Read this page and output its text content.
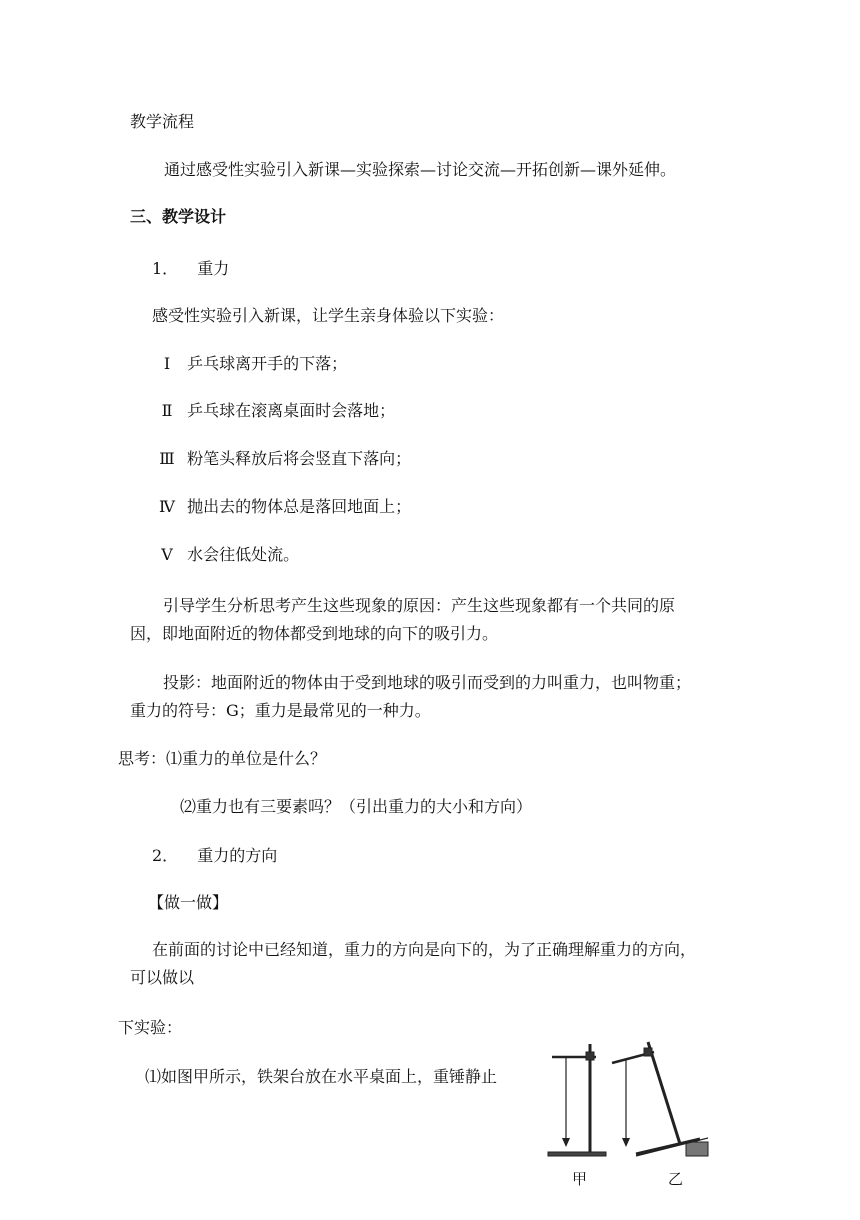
教学流程
通过感受性实验引入新课—实验探索—讨论交流—开拓创新—课外延伸。
三、教学设计
1． 重力
感受性实验引入新课，让学生亲身体验以下实验：
Ⅰ 乒乓球离开手的下落；
Ⅱ 乒乓球在滚离桌面时会落地；
Ⅲ 粉笔头释放后将会竖直下落向；
Ⅳ 抛出去的物体总是落回地面上；
Ⅴ 水会往低处流。
引导学生分析思考产生这些现象的原因：产生这些现象都有一个共同的原
因，即地面附近的物体都受到地球的向下的吸引力。
投影：地面附近的物体由于受到地球的吸引而受到的力叫重力，也叫物重；
重力的符号：G；重力是最常见的一种力。
思考：⑴重力的单位是什么？
⑵重力也有三要素吗？（引出重力的大小和方向）
2． 重力的方向
【做一做】
在前面的讨论中已经知道，重力的方向是向下的，为了正确理解重力的方向，
可以做以
下实验：
⑴如图甲所示，铁架台放在水平桌面上，重锤静止
甲	乙
